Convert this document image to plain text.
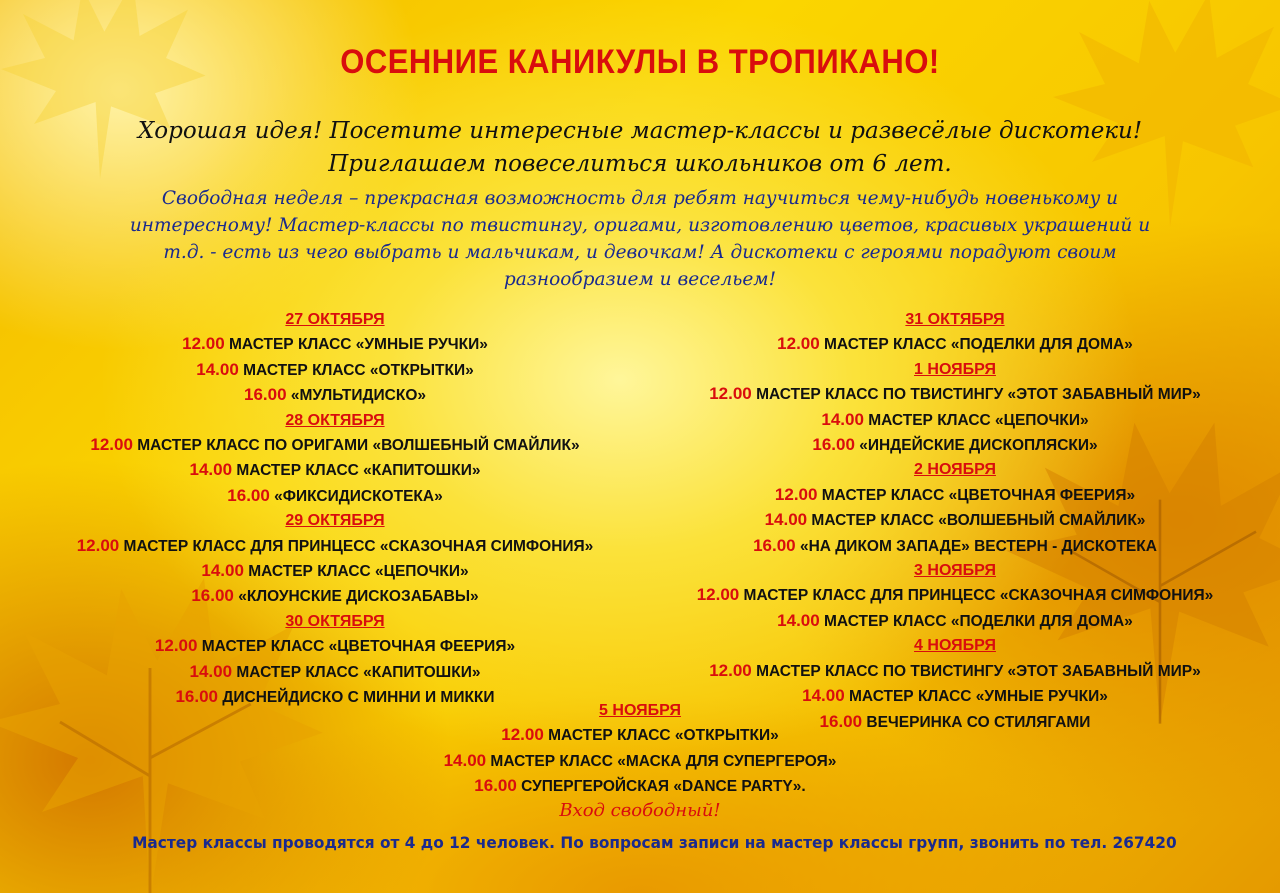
ОСЕННИЕ КАНИКУЛЫ В ТРОПИКАНО!
Хорошая идея! Посетите интересные мастер-классы и развесёлые дискотеки!
Приглашаем повеселиться школьников от 6 лет.
Свободная неделя – прекрасная возможность для ребят научиться чему-нибудь новенькому и
интересному! Мастер-классы по твистингу, оригами, изготовлению цветов, красивых украшений и
т.д. - есть из чего выбрать и мальчикам, и девочкам! А дискотеки с героями порадуют своим
разнообразием и весельем!
27 ОКТЯБРЯ
12.00 МАСТЕР КЛАСС «УМНЫЕ РУЧКИ»
14.00 МАСТЕР КЛАСС «ОТКРЫТКИ»
16.00 «МУЛЬТИДИСКО»
28 ОКТЯБРЯ
12.00 МАСТЕР КЛАСС ПО ОРИГАМИ «ВОЛШЕБНЫЙ СМАЙЛИК»
14.00 МАСТЕР КЛАСС «КАПИТОШКИ»
16.00 «ФИКСИДИСКОТЕКА»
29 ОКТЯБРЯ
12.00 МАСТЕР КЛАСС ДЛЯ ПРИНЦЕСС «СКАЗОЧНАЯ СИМФОНИЯ»
14.00 МАСТЕР КЛАСС «ЦЕПОЧКИ»
16.00 «КЛОУНСКИЕ ДИСКОЗАБАВЫ»
30 ОКТЯБРЯ
12.00 МАСТЕР КЛАСС «ЦВЕТОЧНАЯ ФЕЕРИЯ»
14.00 МАСТЕР КЛАСС «КАПИТОШКИ»
16.00 ДИСНЕЙДИСКО С МИННИ И МИККИ
31 ОКТЯБРЯ
12.00 МАСТЕР КЛАСС «ПОДЕЛКИ ДЛЯ ДОМА»
1 НОЯБРЯ
12.00 МАСТЕР КЛАСС ПО ТВИСТИНГУ «ЭТОТ ЗАБАВНЫЙ МИР»
14.00 МАСТЕР КЛАСС «ЦЕПОЧКИ»
16.00 «ИНДЕЙСКИЕ ДИСКОПЛЯСКИ»
2 НОЯБРЯ
12.00 МАСТЕР КЛАСС «ЦВЕТОЧНАЯ ФЕЕРИЯ»
14.00 МАСТЕР КЛАСС «ВОЛШЕБНЫЙ СМАЙЛИК»
16.00 «НА ДИКОМ ЗАПАДЕ» ВЕСТЕРН - ДИСКОТЕКА
3 НОЯБРЯ
12.00 МАСТЕР КЛАСС ДЛЯ ПРИНЦЕСС «СКАЗОЧНАЯ СИМФОНИЯ»
14.00 МАСТЕР КЛАСС «ПОДЕЛКИ ДЛЯ ДОМА»
4 НОЯБРЯ
12.00 МАСТЕР КЛАСС ПО ТВИСТИНГУ «ЭТОТ ЗАБАВНЫЙ МИР»
14.00 МАСТЕР КЛАСС «УМНЫЕ РУЧКИ»
16.00 ВЕЧЕРИНКА СО СТИЛЯГАМИ
5 НОЯБРЯ
12.00 МАСТЕР КЛАСС «ОТКРЫТКИ»
14.00 МАСТЕР КЛАСС «МАСКА ДЛЯ СУПЕРГЕРОЯ»
16.00 СУПЕРГЕРОЙСКАЯ «DANCE PARTY».
Вход свободный!
Мастер классы проводятся от 4 до 12 человек. По вопросам записи на мастер классы групп, звонить по тел. 267420
